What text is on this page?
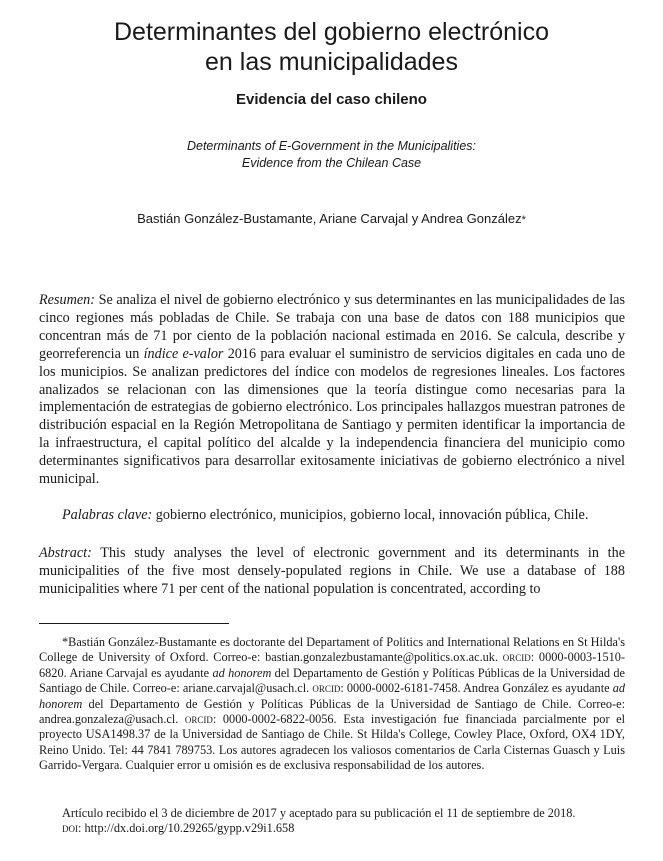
Determinantes del gobierno electrónico
en las municipalidades
Evidencia del caso chileno

Determinants of E-Government in the Municipalities:

Evidence from the Chilean Case

Bastián González-Bustamante, Ariane Carvajal y Andrea González*

Resumen: Se analiza el nivel de gobierno electrónico y sus determinantes en las municipalidades de las cinco regiones más pobladas de Chile. Se trabaja con una base de datos con 188 municipios que concentran más de 71 por ciento de la población nacional estimada en 2016. Se calcula, describe y georreferencia un índice e-valor 2016 para evaluar el suministro de servicios digitales en cada uno de los municipios. Se analizan predictores del índice con modelos de regresiones lineales. Los factores analizados se relacionan con las dimensiones que la teoría distingue como necesarias para la implementación de estrategias de gobierno electrónico. Los principales hallazgos muestran patrones de distribución espacial en la Región Metropolitana de Santiago y permiten identificar la importancia de la infraestructura, el capital político del alcalde y la independencia financiera del municipio como determinantes significativos para desarrollar exitosamente iniciativas de gobierno electrónico a nivel municipal.

Palabras clave: gobierno electrónico, municipios, gobierno local, innovación pública, Chile.

Abstract: This study analyses the level of electronic government and its determinants in the municipalities of the five most densely-populated regions in Chile. We use a database of 188 municipalities where 71 per cent of the national population is concentrated, according to

*Bastián González-Bustamante es doctorante del Departament of Politics and International Relations en St Hilda's College de University of Oxford. Correo-e: bastian.gonzalezbustamante@politics.ox.ac.uk. orcid: 0000-0003-1510-6820. Ariane Carvajal es ayudante ad honorem del Departamento de Gestión y Políticas Públicas de la Universidad de Santiago de Chile. Correo-e: ariane.carvajal@usach.cl. orcid: 0000-0002-6181-7458. Andrea González es ayudante ad honorem del Departamento de Gestión y Políticas Públicas de la Universidad de Santiago de Chile. Correo-e: andrea.gonzaleza@usach.cl. orcid: 0000-0002-6822-0056. Esta investigación fue financiada parcialmente por el proyecto USA1498.37 de la Universidad de Santiago de Chile. St Hilda's College, Cowley Place, Oxford, OX4 1DY, Reino Unido. Tel: 44 7841 789753. Los autores agradecen los valiosos comentarios de Carla Cisternas Guasch y Luis Garrido-Vergara. Cualquier error u omisión es de exclusiva responsabilidad de los autores.

Artículo recibido el 3 de diciembre de 2017 y aceptado para su publicación el 11 de septiembre de 2018.
doi: http://dx.doi.org/10.29265/gypp.v29i1.658
